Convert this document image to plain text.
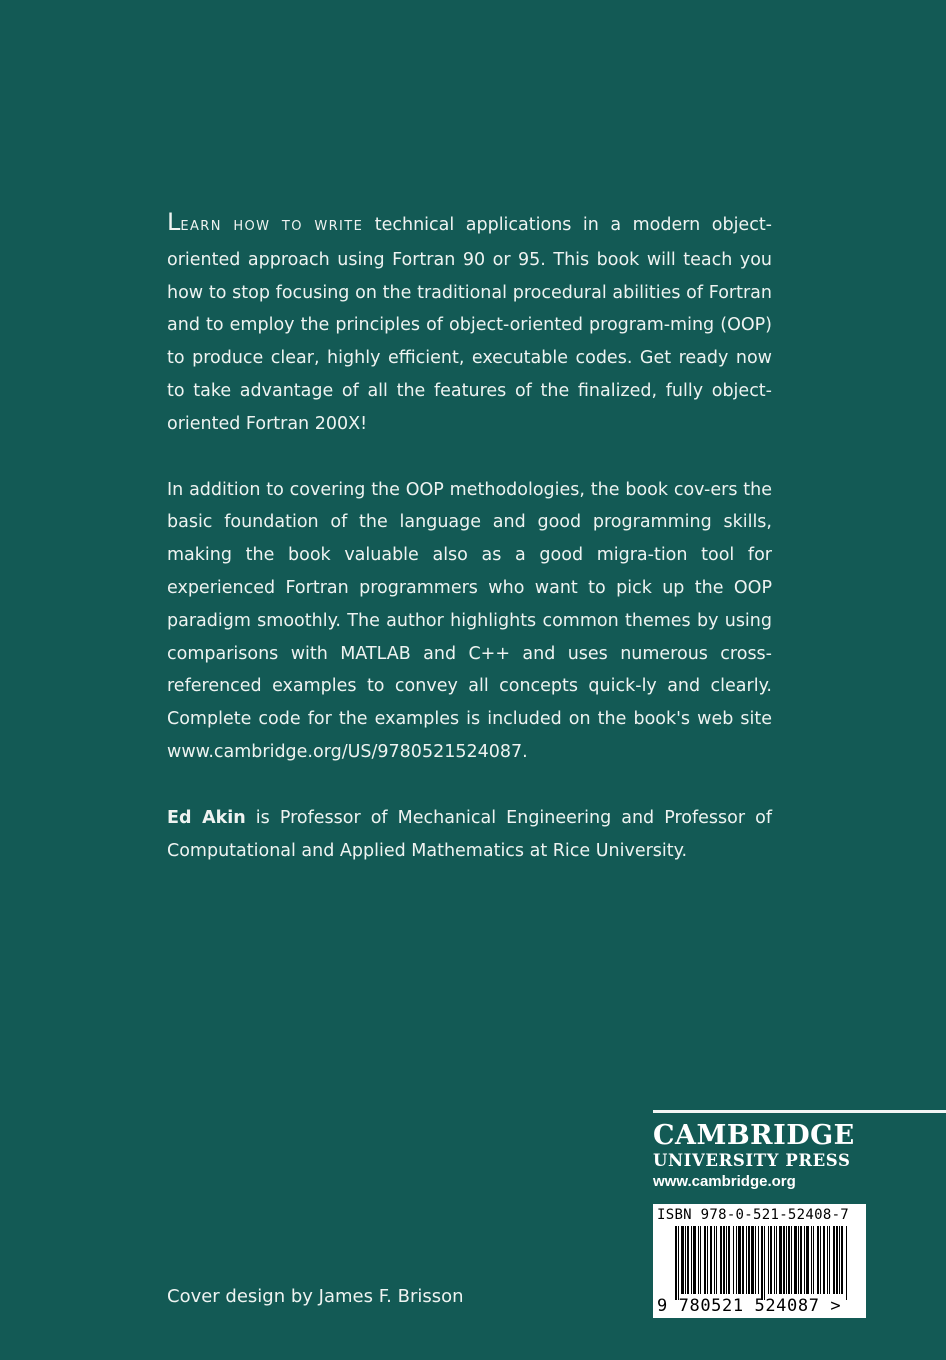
LEARN HOW TO WRITE technical applications in a modern object-oriented approach using Fortran 90 or 95. This book will teach you how to stop focusing on the traditional procedural abilities of Fortran and to employ the principles of object-oriented program-ming (OOP) to produce clear, highly efficient, executable codes. Get ready now to take advantage of all the features of the finalized, fully object-oriented Fortran 200X!

In addition to covering the OOP methodologies, the book cov-ers the basic foundation of the language and good programming skills, making the book valuable also as a good migra-tion tool for experienced Fortran programmers who want to pick up the OOP paradigm smoothly. The author highlights common themes by using comparisons with MATLAB and C++ and uses numerous cross-referenced examples to convey all concepts quick-ly and clearly. Complete code for the examples is included on the book's web site www.cambridge.org/US/9780521524087.

Ed Akin is Professor of Mechanical Engineering and Professor of Computational and Applied Mathematics at Rice University.

CAMBRIDGE

UNIVERSITY PRESS

www.cambridge.org

ISBN 978-0-521-52408-7
9 780521 524087 >
Cover design by James F. Brisson
